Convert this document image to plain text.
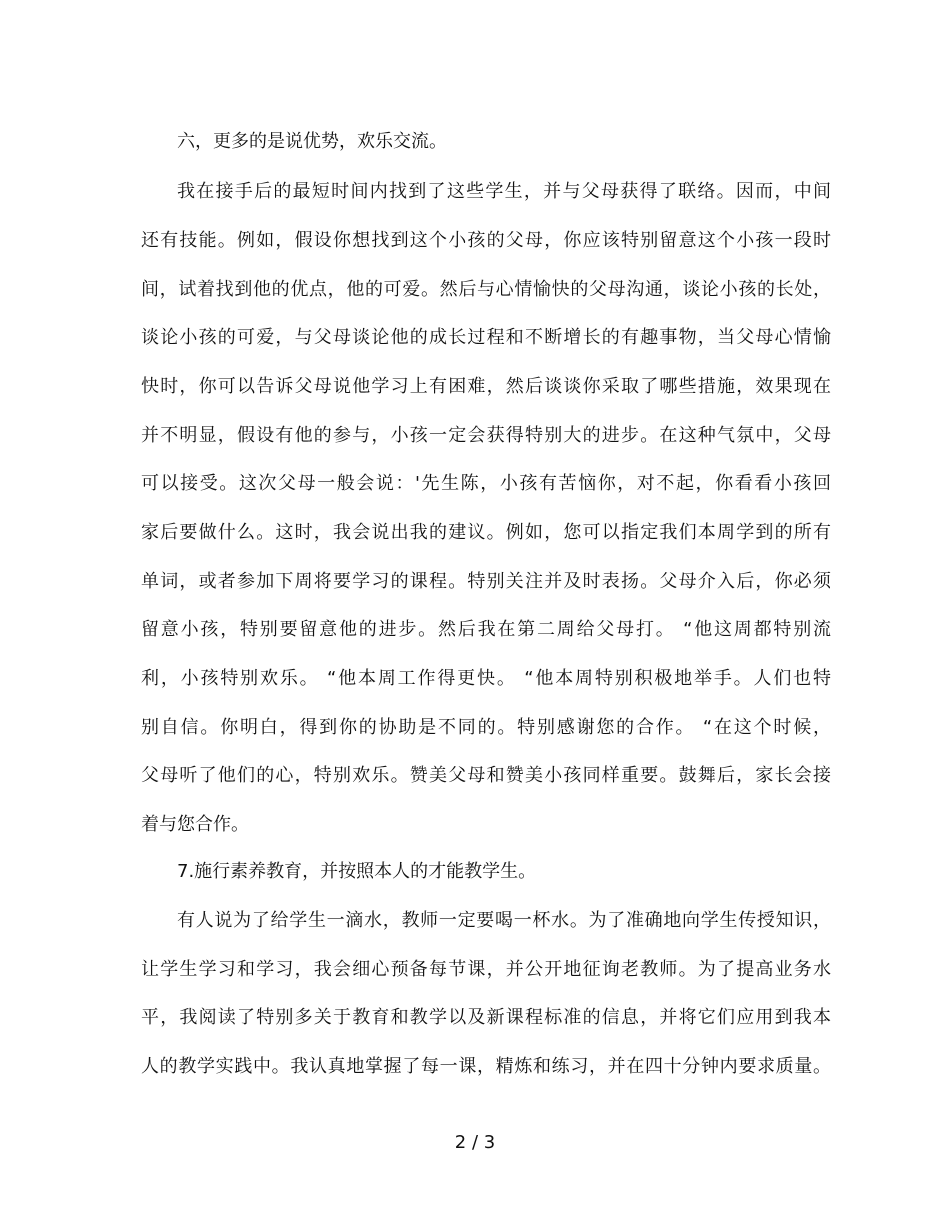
六，更多的是说优势，欢乐交流。
我在接手后的最短时间内找到了这些学生，并与父母获得了联络。因而，中间
还有技能。例如，假设你想找到这个小孩的父母，你应该特别留意这个小孩一段时
间，试着找到他的优点，他的可爱。然后与心情愉快的父母沟通，谈论小孩的长处，
谈论小孩的可爱，与父母谈论他的成长过程和不断增长的有趣事物，当父母心情愉
快时，你可以告诉父母说他学习上有困难，然后谈谈你采取了哪些措施，效果现在
并不明显，假设有他的参与，小孩一定会获得特别大的进步。在这种气氛中，父母
可以接受。这次父母一般会说：'先生陈，小孩有苦恼你，对不起，你看看小孩回
家后要做什么。这时，我会说出我的建议。例如，您可以指定我们本周学到的所有
单词，或者参加下周将要学习的课程。特别关注并及时表扬。父母介入后，你必须
留意小孩，特别要留意他的进步。然后我在第二周给父母打。 “他这周都特别流
利，小孩特别欢乐。 “他本周工作得更快。 “他本周特别积极地举手。人们也特
别自信。你明白，得到你的协助是不同的。特别感谢您的合作。 “在这个时候，
父母听了他们的心，特别欢乐。赞美父母和赞美小孩同样重要。鼓舞后，家长会接
着与您合作。
7.施行素养教育，并按照本人的才能教学生。
有人说为了给学生一滴水，教师一定要喝一杯水。为了准确地向学生传授知识，
让学生学习和学习，我会细心预备每节课，并公开地征询老教师。为了提高业务水
平，我阅读了特别多关于教育和教学以及新课程标准的信息，并将它们应用到我本
人的教学实践中。我认真地掌握了每一课，精炼和练习，并在四十分钟内要求质量。
2 / 3
